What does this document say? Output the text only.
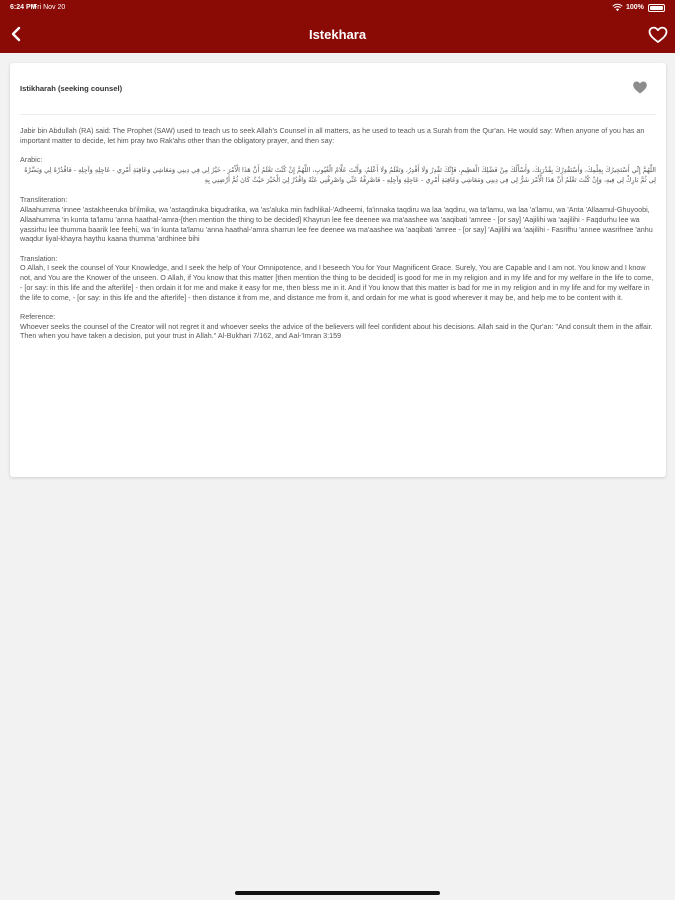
6:24 PM
Fri Nov 20	100%
Istekhara
Istikharah (seeking counsel)

Jabir bin Abdullah (RA) said: The Prophet (SAW) used to teach us to seek Allah's Counsel in all matters, as he used to teach us a Surah from the Qur'an. He would say: When anyone of you has an important matter to decide, let him pray two Rak'ahs other than the obligatory prayer, and then say:

Arabic:

اللَّهُمَّ إِنِّي أَسْتَخِيرُكَ بِعِلْمِكَ، وَأَسْتَقْدِرُكَ بِقُدْرَتِكَ، وَأَسْأَلُكَ مِنْ فَضْلِكَ الْعَظِيمِ، فَإِنَّكَ تَقْدِرُ وَلَا أَقْدِرُ، وَتَعْلَمُ وَلَا أَعْلَمُ، وَأَنْتَ عَلَّامُ الْغُيُوبِ، اللَّهُمَّ إِنْ كُنْتَ تَعْلَمُ أَنَّ هَذَا الْأَمْرَ - خَيْرٌ لِي فِي دِينِي وَمَعَاشِي وَعَاقِبَةِ أَمْرِي - عَاجِلِهِ وَآجِلِهِ - فَاقْدُرْهُ لِي وَيَسِّرْهُ لِي ثُمَّ بَارِكْ لِي فِيهِ، وَإِنْ كُنْتَ تَعْلَمُ أَنَّ هَذَا الْأَمْرَ شَرٌّ لِي فِي دِينِي وَمَعَاشِي وَعَاقِبَةِ أَمْرِي - عَاجِلِهِ وَآجِلِهِ - فَاصْرِفْهُ عَنِّي وَاصْرِفْنِي عَنْهُ وَاقْدُرْ لِيَ الْخَيْرَ حَيْثُ كَانَ ثُمَّ أَرْضِنِي بِهِ

Transliteration:

Allaahumma 'innee 'astakheeruka bi'ilmika, wa 'astaqdiruka biqudratika, wa 'as'aluka min fadhlikal-'Adheemi, fa'innaka taqdiru wa laa 'aqdiru, wa ta'lamu, wa laa 'a'lamu, wa 'Anta 'Allaamul-Ghuyoobi, Allaahumma 'in kunta ta'lamu 'anna haathal-'amra-[then mention the thing to be decided] Khayrun lee fee deenee wa ma'aashee wa 'aaqibati 'amree - [or say] 'Aajilihi wa 'aajilihi - Faqdurhu lee wa yassirhu lee thumma baarik lee feehi, wa 'in kunta ta'lamu 'anna haathal-'amra sharrun lee fee deenee wa ma'aashee wa 'aaqibati 'amree - [or say] 'Aajilihi wa 'aajilihi - Fasrifhu 'annee wasrifnee 'anhu waqdur liyal-khayra haythu kaana thumma 'ardhinee bihi

Translation:

O Allah, I seek the counsel of Your Knowledge, and I seek the help of Your Omnipotence, and I beseech You for Your Magnificent Grace. Surely, You are Capable and I am not. You know and I know not, and You are the Knower of the unseen. O Allah, if You know that this matter [then mention the thing to be decided] is good for me in my religion and in my life and for my welfare in the life to come, - [or say: in this life and the afterlife] - then ordain it for me and make it easy for me, then bless me in it. And if You know that this matter is bad for me in my religion and in my life and for my welfare in the life to come, - [or say: in this life and the afterlife] - then distance it from me, and distance me from it, and ordain for me what is good wherever it may be, and help me to be content with it.

Reference:

Whoever seeks the counsel of the Creator will not regret it and whoever seeks the advice of the believers will feel confident about his decisions. Allah said in the Qur'an: "And consult them in the affair. Then when you have taken a decision, put your trust in Allah." Al-Bukhari 7/162, and Aal-'Imran 3:159
